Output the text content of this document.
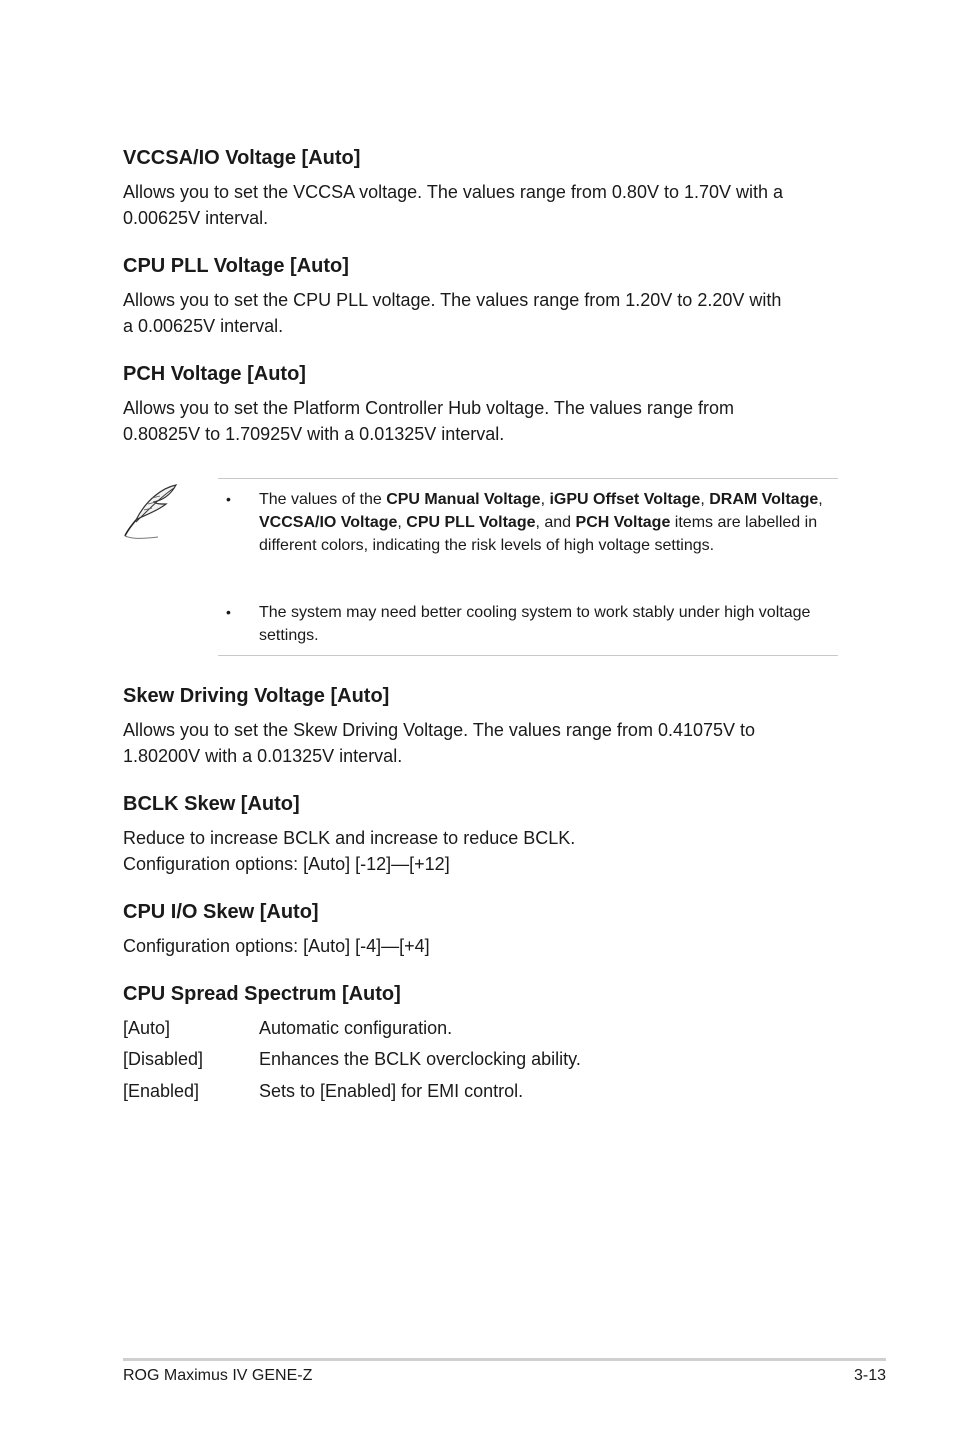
VCCSA/IO Voltage [Auto]
Allows you to set the VCCSA voltage. The values range from 0.80V to 1.70V with a
0.00625V interval.
CPU PLL Voltage [Auto]
Allows you to set the CPU PLL voltage. The values range from 1.20V to 2.20V with
a 0.00625V interval.
PCH Voltage [Auto]
Allows you to set the Platform Controller Hub voltage. The values range from
0.80825V to 1.70925V with a 0.01325V interval.
• The values of the CPU Manual Voltage, iGPU Offset Voltage, DRAM Voltage, VCCSA/IO Voltage, CPU PLL Voltage, and PCH Voltage items are labelled in different colors, indicating the risk levels of high voltage settings.
• The system may need better cooling system to work stably under high voltage settings.
Skew Driving Voltage [Auto]
Allows you to set the Skew Driving Voltage. The values range from 0.41075V to
1.80200V with a 0.01325V interval.
BCLK Skew [Auto]
Reduce to increase BCLK and increase to reduce BCLK.
Configuration options: [Auto] [-12]—[+12]
CPU I/O Skew [Auto]
Configuration options: [Auto] [-4]—[+4]
CPU Spread Spectrum [Auto]
[Auto]	Automatic configuration.
[Disabled]	Enhances the BCLK overclocking ability.
[Enabled]	Sets to [Enabled] for EMI control.
ROG Maximus IV GENE-Z	3-13
